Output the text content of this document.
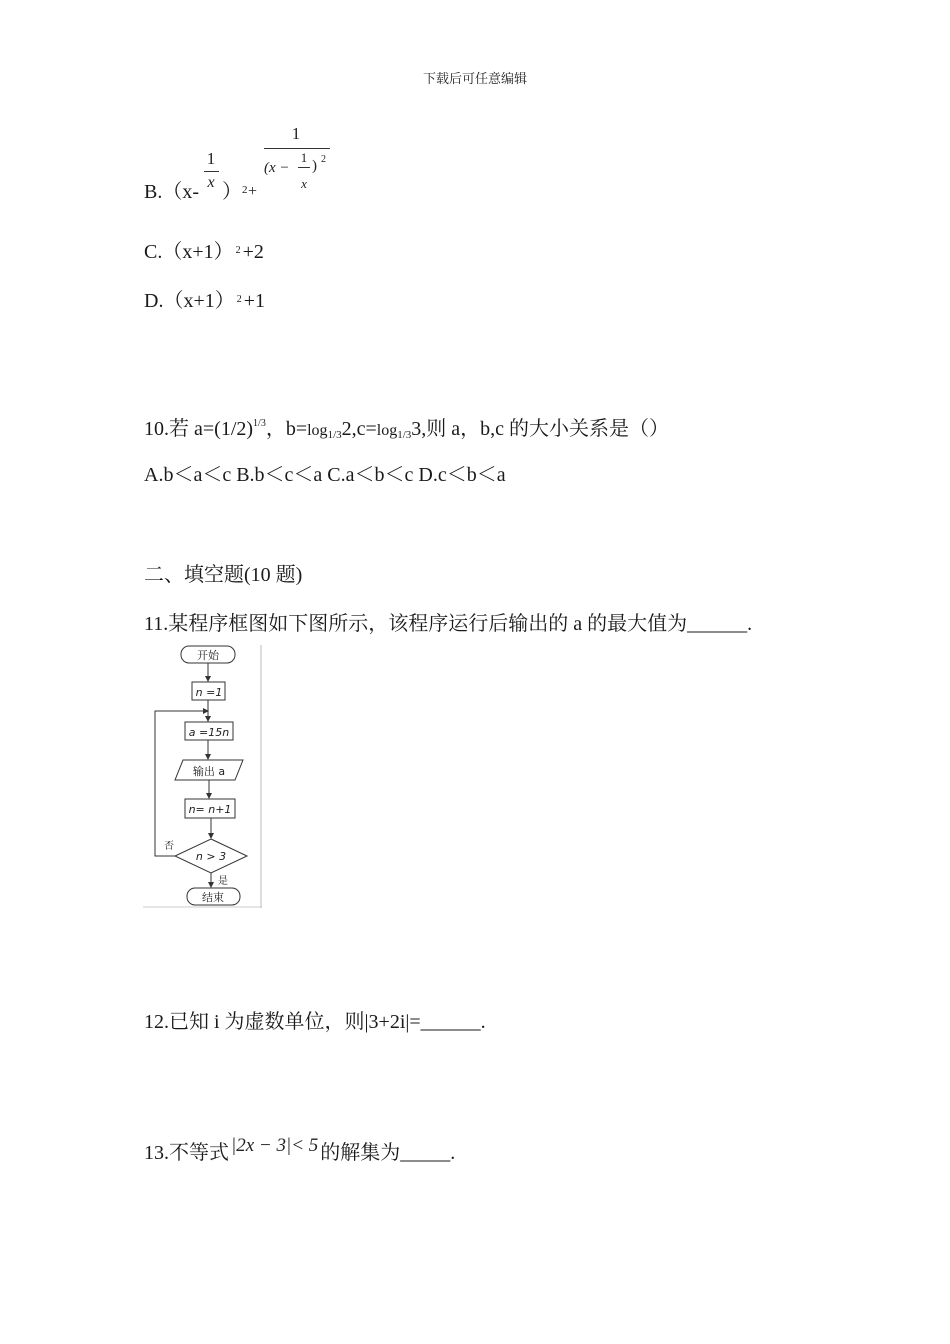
下载后可任意编辑
B.（x-
1
x ） 2 +
1
(x −
1
x
) 2
C.（x+1） $^2$ +2
D.（x+1） $^2$ +1
10.若 $a=(1/2)^{1/3}$，$b=\log_{1/3}2,c=\log_{1/3}3$,则 a，b,c 的大小关系是（）
A.b＜a＜c B.b＜c＜a C.a＜b＜c D.c＜b＜a
二、填空题(10 题)
11.某程序框图如下图所示，该程序运行后输出的 a 的最大值为______.
开始
n =1
a =15n
输出 a
n= n+1
n > 3
否
是
结束
12.已知 i 为虚数单位，则|3+2i|=______.
13.不等式 |2x − 3|< 5 的解集为_____.
